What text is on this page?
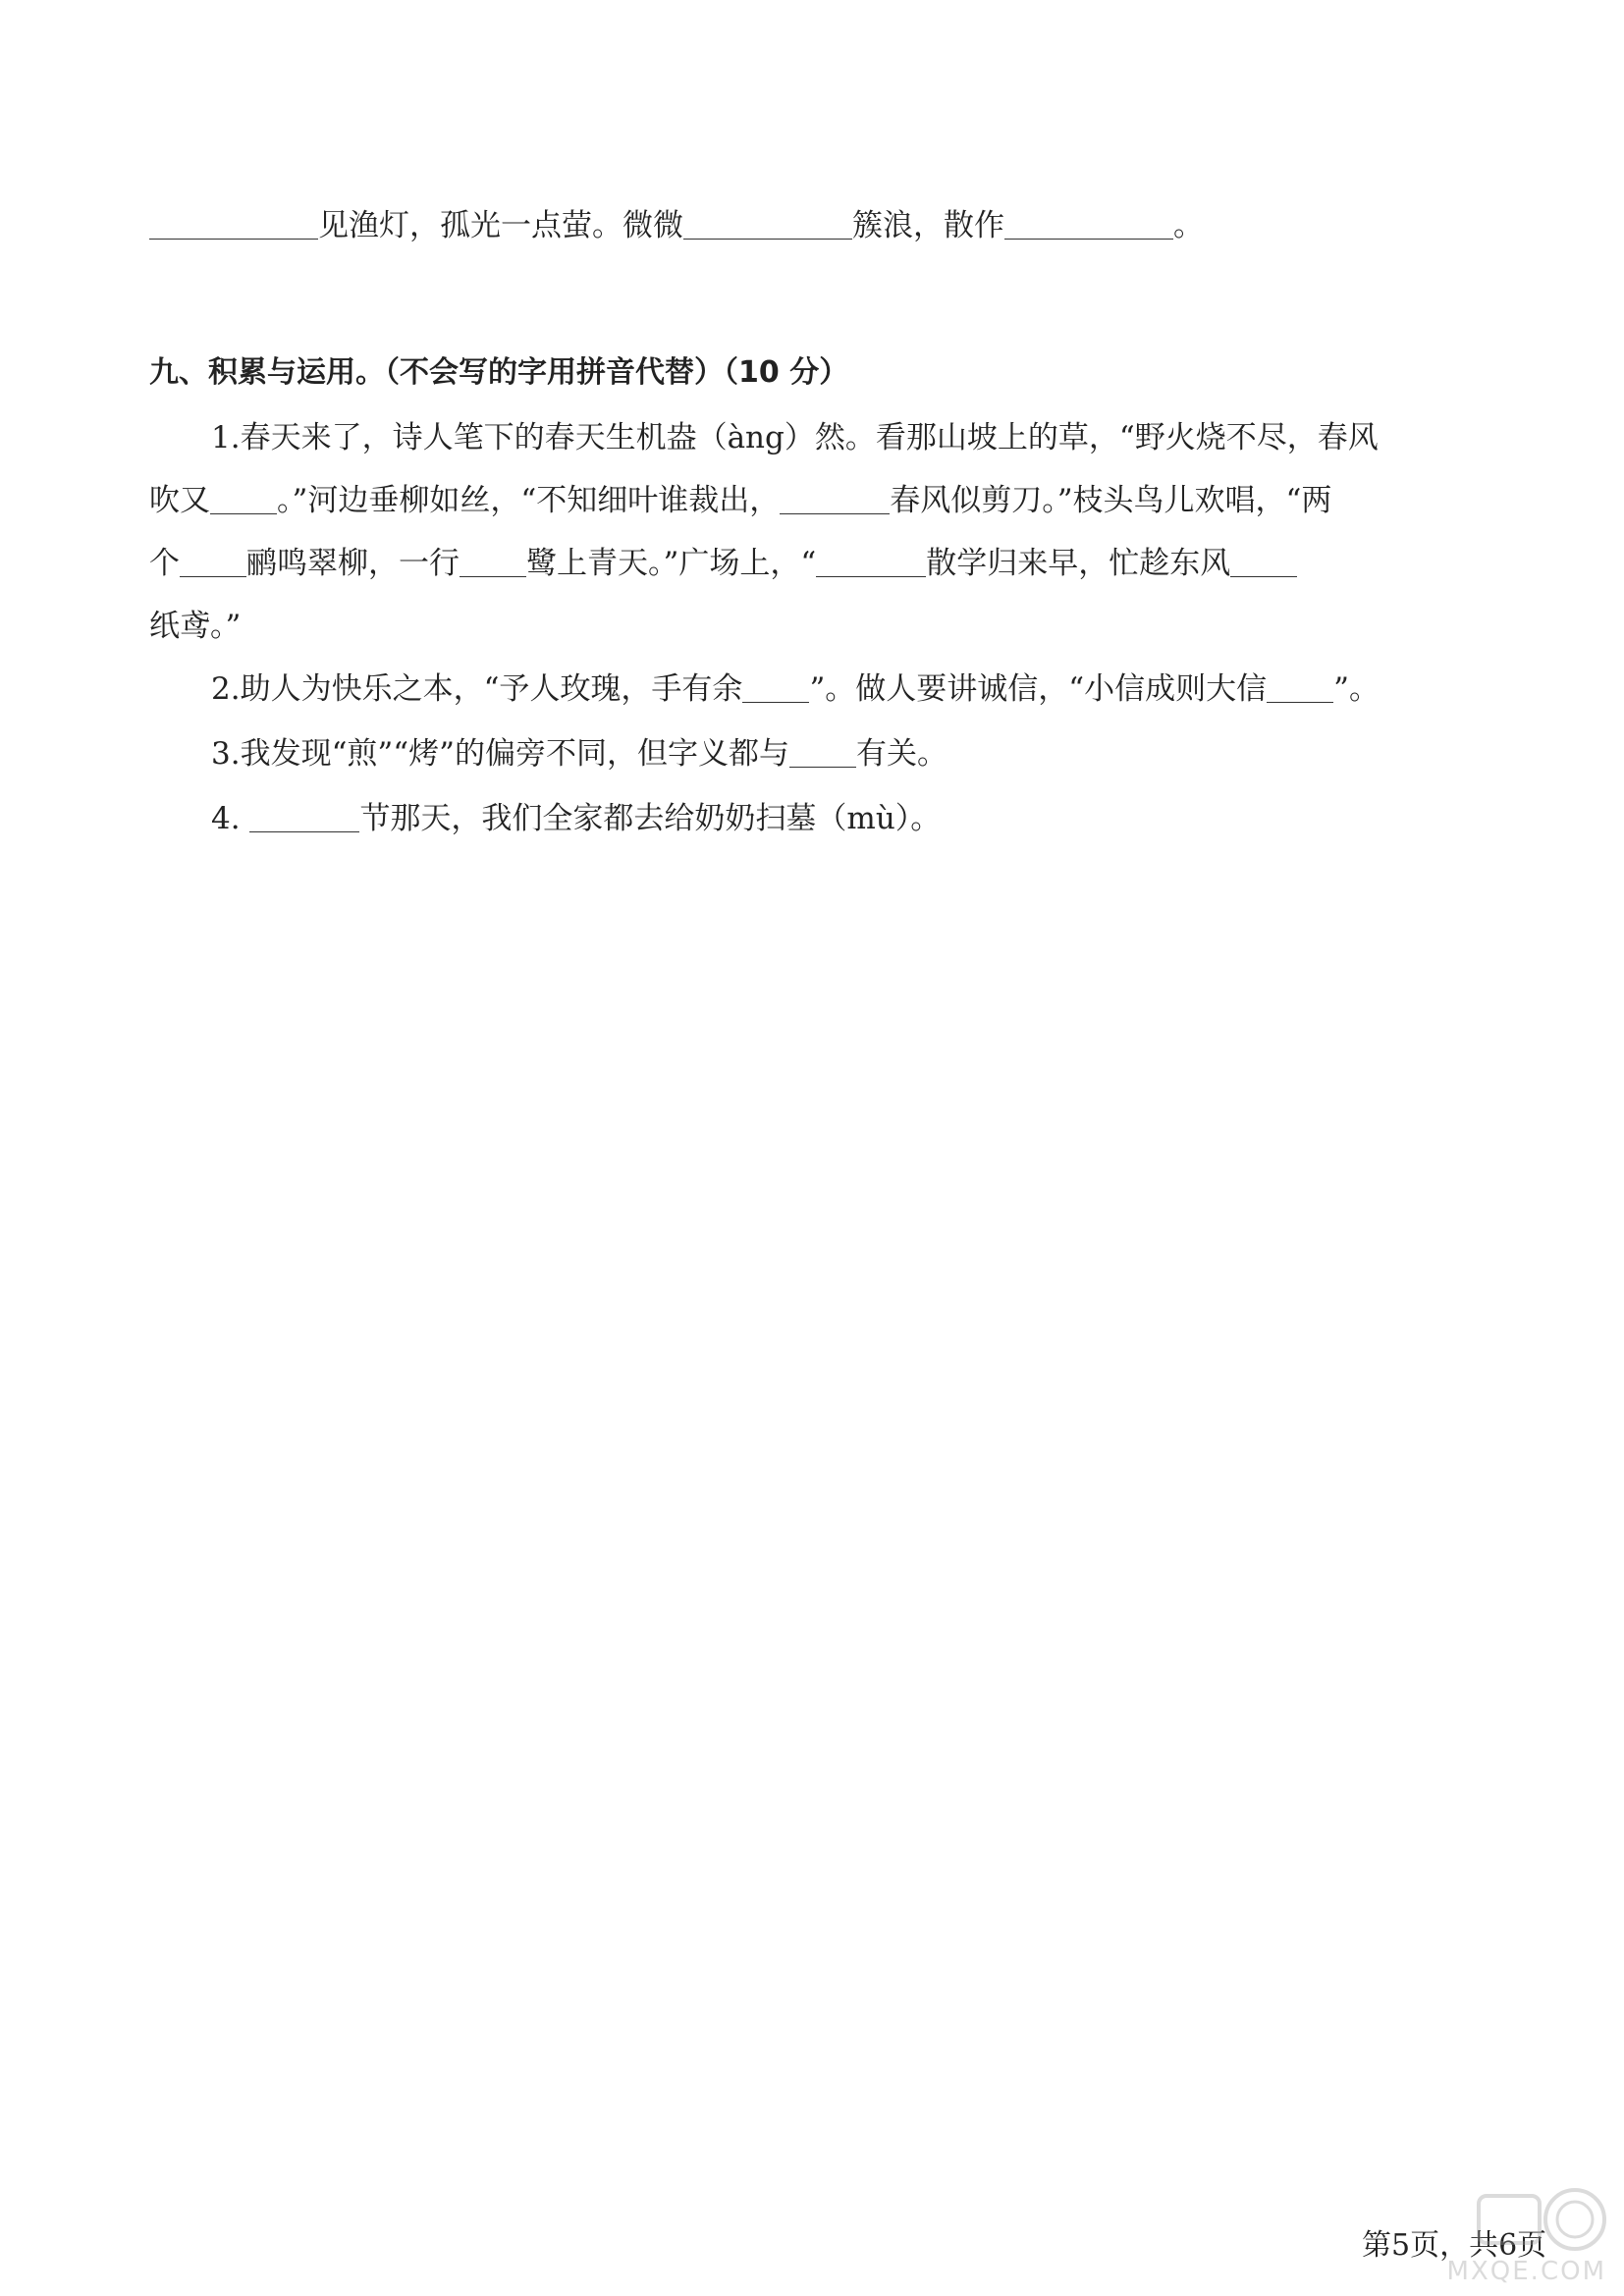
见渔灯，孤光一点萤。微微	簇浪，散作	。
九、积累与运用。（不会写的字用拼音代替）（10 分）
1.春天来了，诗人笔下的春天生机盎（àng）然。看那山坡上的草，“野火烧不尽，春风
吹又 。”河边垂柳如丝，“不知细叶谁裁出，	春风似剪刀。”枝头鸟儿欢唱，“两
个 鹂鸣翠柳，一行 鹭上青天。”广场上，“	散学归来早，忙趁东风
纸鸢。”
2.助人为快乐之本，“予人玫瑰，手有余 ”。做人要讲诚信，“小信成则大信 ”。
3.我发现“煎”“烤”的偏旁不同，但字义都与 有关。
4.	节那天，我们全家都去给奶奶扫墓（mù）。
第5页，共6页
MXQE.COM
